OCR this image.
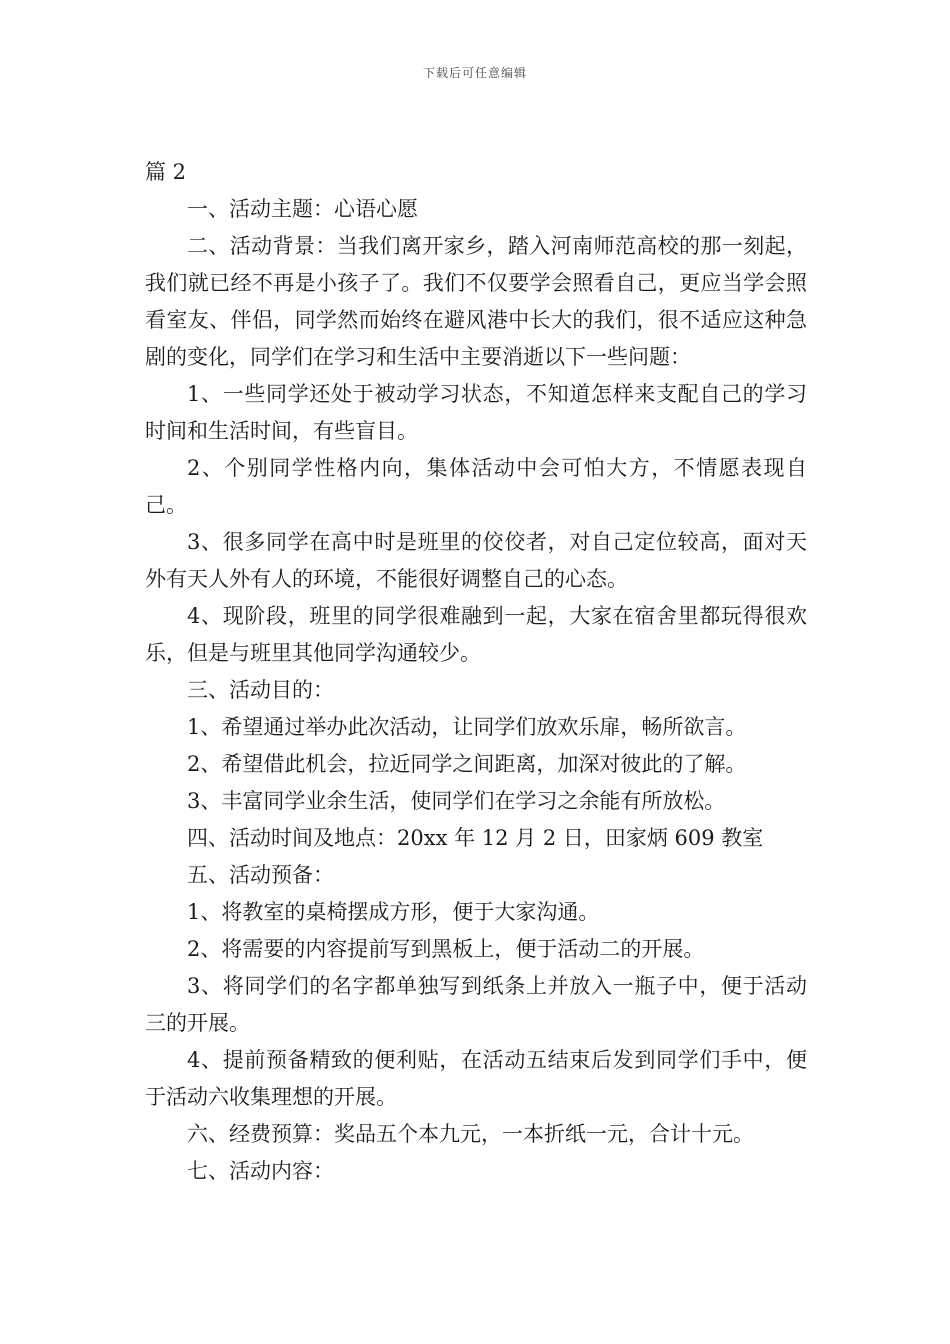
下载后可任意编辑

篇 2

一、活动主题：心语心愿

二、活动背景：当我们离开家乡，踏入河南师范高校的那一刻起，我们就已经不再是小孩子了。我们不仅要学会照看自己，更应当学会照看室友、伴侣，同学然而始终在避风港中长大的我们，很不适应这种急剧的变化，同学们在学习和生活中主要消逝以下一些问题：

1、一些同学还处于被动学习状态，不知道怎样来支配自己的学习时间和生活时间，有些盲目。

2、个别同学性格内向，集体活动中会可怕大方，不情愿表现自己。

3、很多同学在高中时是班里的佼佼者，对自己定位较高，面对天外有天人外有人的环境，不能很好调整自己的心态。

4、现阶段，班里的同学很难融到一起，大家在宿舍里都玩得很欢乐，但是与班里其他同学沟通较少。

三、活动目的：

1、希望通过举办此次活动，让同学们放欢乐扉，畅所欲言。

2、希望借此机会，拉近同学之间距离，加深对彼此的了解。

3、丰富同学业余生活，使同学们在学习之余能有所放松。

四、活动时间及地点：20xx 年 12 月 2 日，田家炳 609 教室

五、活动预备：

1、将教室的桌椅摆成方形，便于大家沟通。

2、将需要的内容提前写到黑板上，便于活动二的开展。

3、将同学们的名字都单独写到纸条上并放入一瓶子中，便于活动三的开展。

4、提前预备精致的便利贴，在活动五结束后发到同学们手中，便于活动六收集理想的开展。

六、经费预算：奖品五个本九元，一本折纸一元，合计十元。

七、活动内容：
